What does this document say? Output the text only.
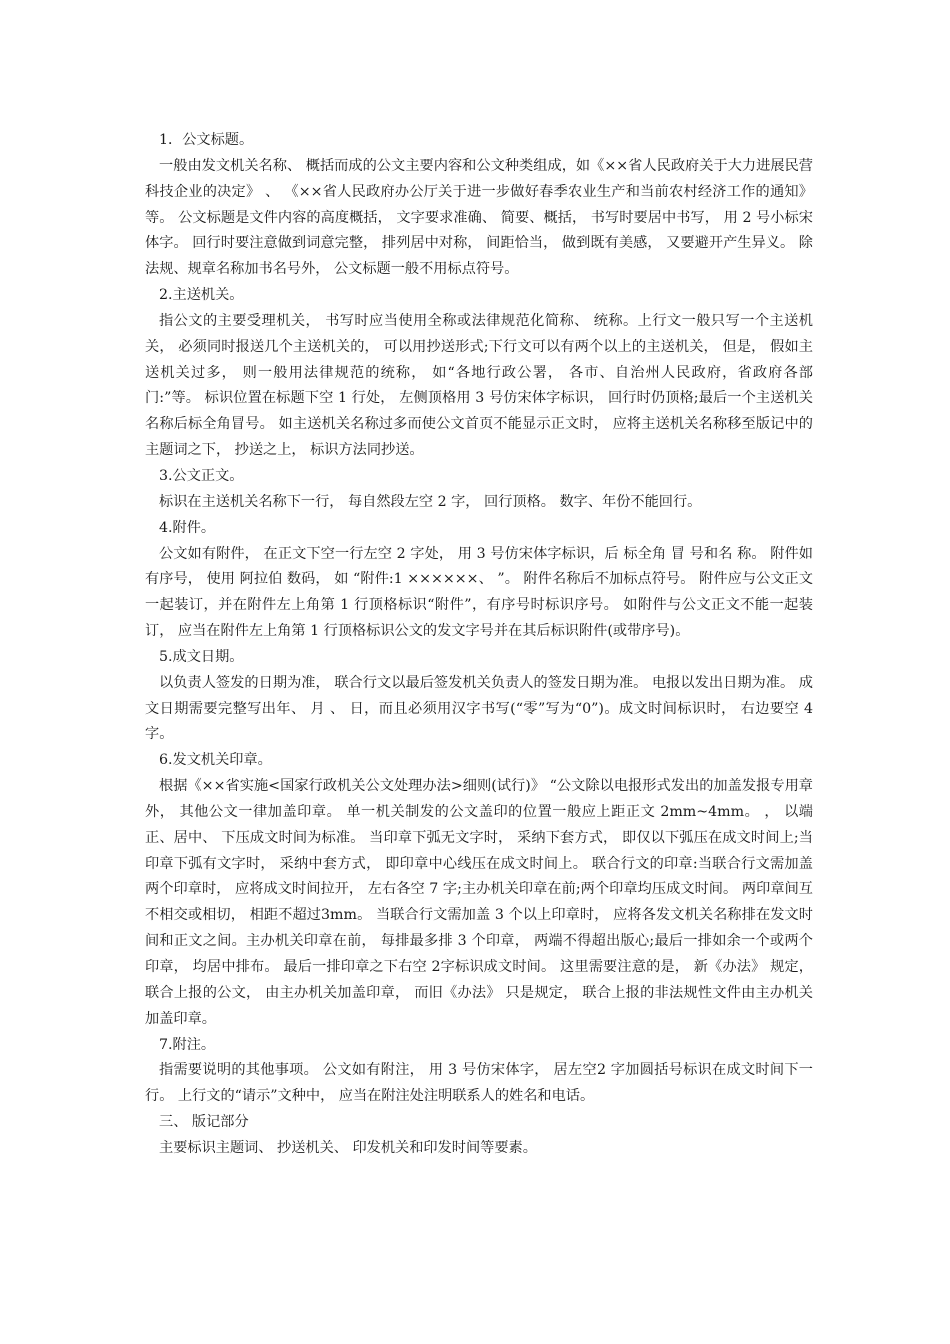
1．公文标题。

一般由发文机关名称、 概括而成的公文主要内容和公文种类组成，如《××省人民政府关于大力进展民营科技企业的决定》 、 《××省人民政府办公厅关于进一步做好春季农业生产和当前农村经济工作的通知》等。 公文标题是文件内容的高度概括， 文字要求准确、 简要、概括， 书写时要居中书写， 用 2 号小标宋体字。 回行时要注意做到词意完整， 排列居中对称， 间距恰当， 做到既有美感， 又要避开产生异义。 除法规、规章名称加书名号外， 公文标题一般不用标点符号。

2.主送机关。

指公文的主要受理机关， 书写时应当使用全称或法律规范化简称、 统称。上行文一般只写一个主送机关， 必须同时报送几个主送机关的， 可以用抄送形式;下行文可以有两个以上的主送机关， 但是， 假如主送机关过多， 则一般用法律规范的统称， 如“各地行政公署， 各市、自治州人民政府，省政府各部门:”等。 标识位置在标题下空 1 行处， 左侧顶格用 3 号仿宋体字标识， 回行时仍顶格;最后一个主送机关名称后标全角冒号。 如主送机关名称过多而使公文首页不能显示正文时， 应将主送机关名称移至版记中的主题词之下， 抄送之上， 标识方法同抄送。

3.公文正文。

标识在主送机关名称下一行， 每自然段左空 2 字， 回行顶格。 数字、年份不能回行。

4.附件。

公文如有附件， 在正文下空一行左空 2 字处， 用 3 号仿宋体字标识，后 标全角 冒 号和名 称。 附件如 有序号， 使用 阿拉伯 数码， 如 “附件:1 ××××××、 ”。 附件名称后不加标点符号。 附件应与公文正文一起装订，并在附件左上角第 1 行顶格标识“附件”，有序号时标识序号。 如附件与公文正文不能一起装订， 应当在附件左上角第 1 行顶格标识公文的发文字号并在其后标识附件(或带序号)。

5.成文日期。

以负责人签发的日期为准， 联合行文以最后签发机关负责人的签发日期为准。 电报以发出日期为准。 成文日期需要完整写出年、 月 、 日，而且必须用汉字书写(“零”写为“0”)。成文时间标识时， 右边要空 4 字。

6.发文机关印章。

根据《××省实施<国家行政机关公文处理办法>细则(试行)》 “公文除以电报形式发出的加盖发报专用章外， 其他公文一律加盖印章。 单一机关制发的公文盖印的位置一般应上距正文 2mm~4mm。 ， 以端正、居中、 下压成文时间为标准。 当印章下弧无文字时， 采纳下套方式， 即仅以下弧压在成文时间上;当印章下弧有文字时， 采纳中套方式， 即印章中心线压在成文时间上。 联合行文的印章:当联合行文需加盖两个印章时， 应将成文时间拉开， 左右各空 7 字;主办机关印章在前;两个印章均压成文时间。 两印章间互不相交或相切， 相距不超过3mm。 当联合行文需加盖 3 个以上印章时， 应将各发文机关名称排在发文时间和正文之间。主办机关印章在前， 每排最多排 3 个印章， 两端不得超出版心;最后一排如余一个或两个印章， 均居中排布。 最后一排印章之下右空 2字标识成文时间。 这里需要注意的是， 新《办法》 规定， 联合上报的公文， 由主办机关加盖印章， 而旧《办法》 只是规定， 联合上报的非法规性文件由主办机关加盖印章。

7.附注。

指需要说明的其他事项。 公文如有附注， 用 3 号仿宋体字， 居左空2 字加圆括号标识在成文时间下一行。 上行文的“请示”文种中， 应当在附注处注明联系人的姓名和电话。

三、 版记部分

主要标识主题词、 抄送机关、 印发机关和印发时间等要素。
